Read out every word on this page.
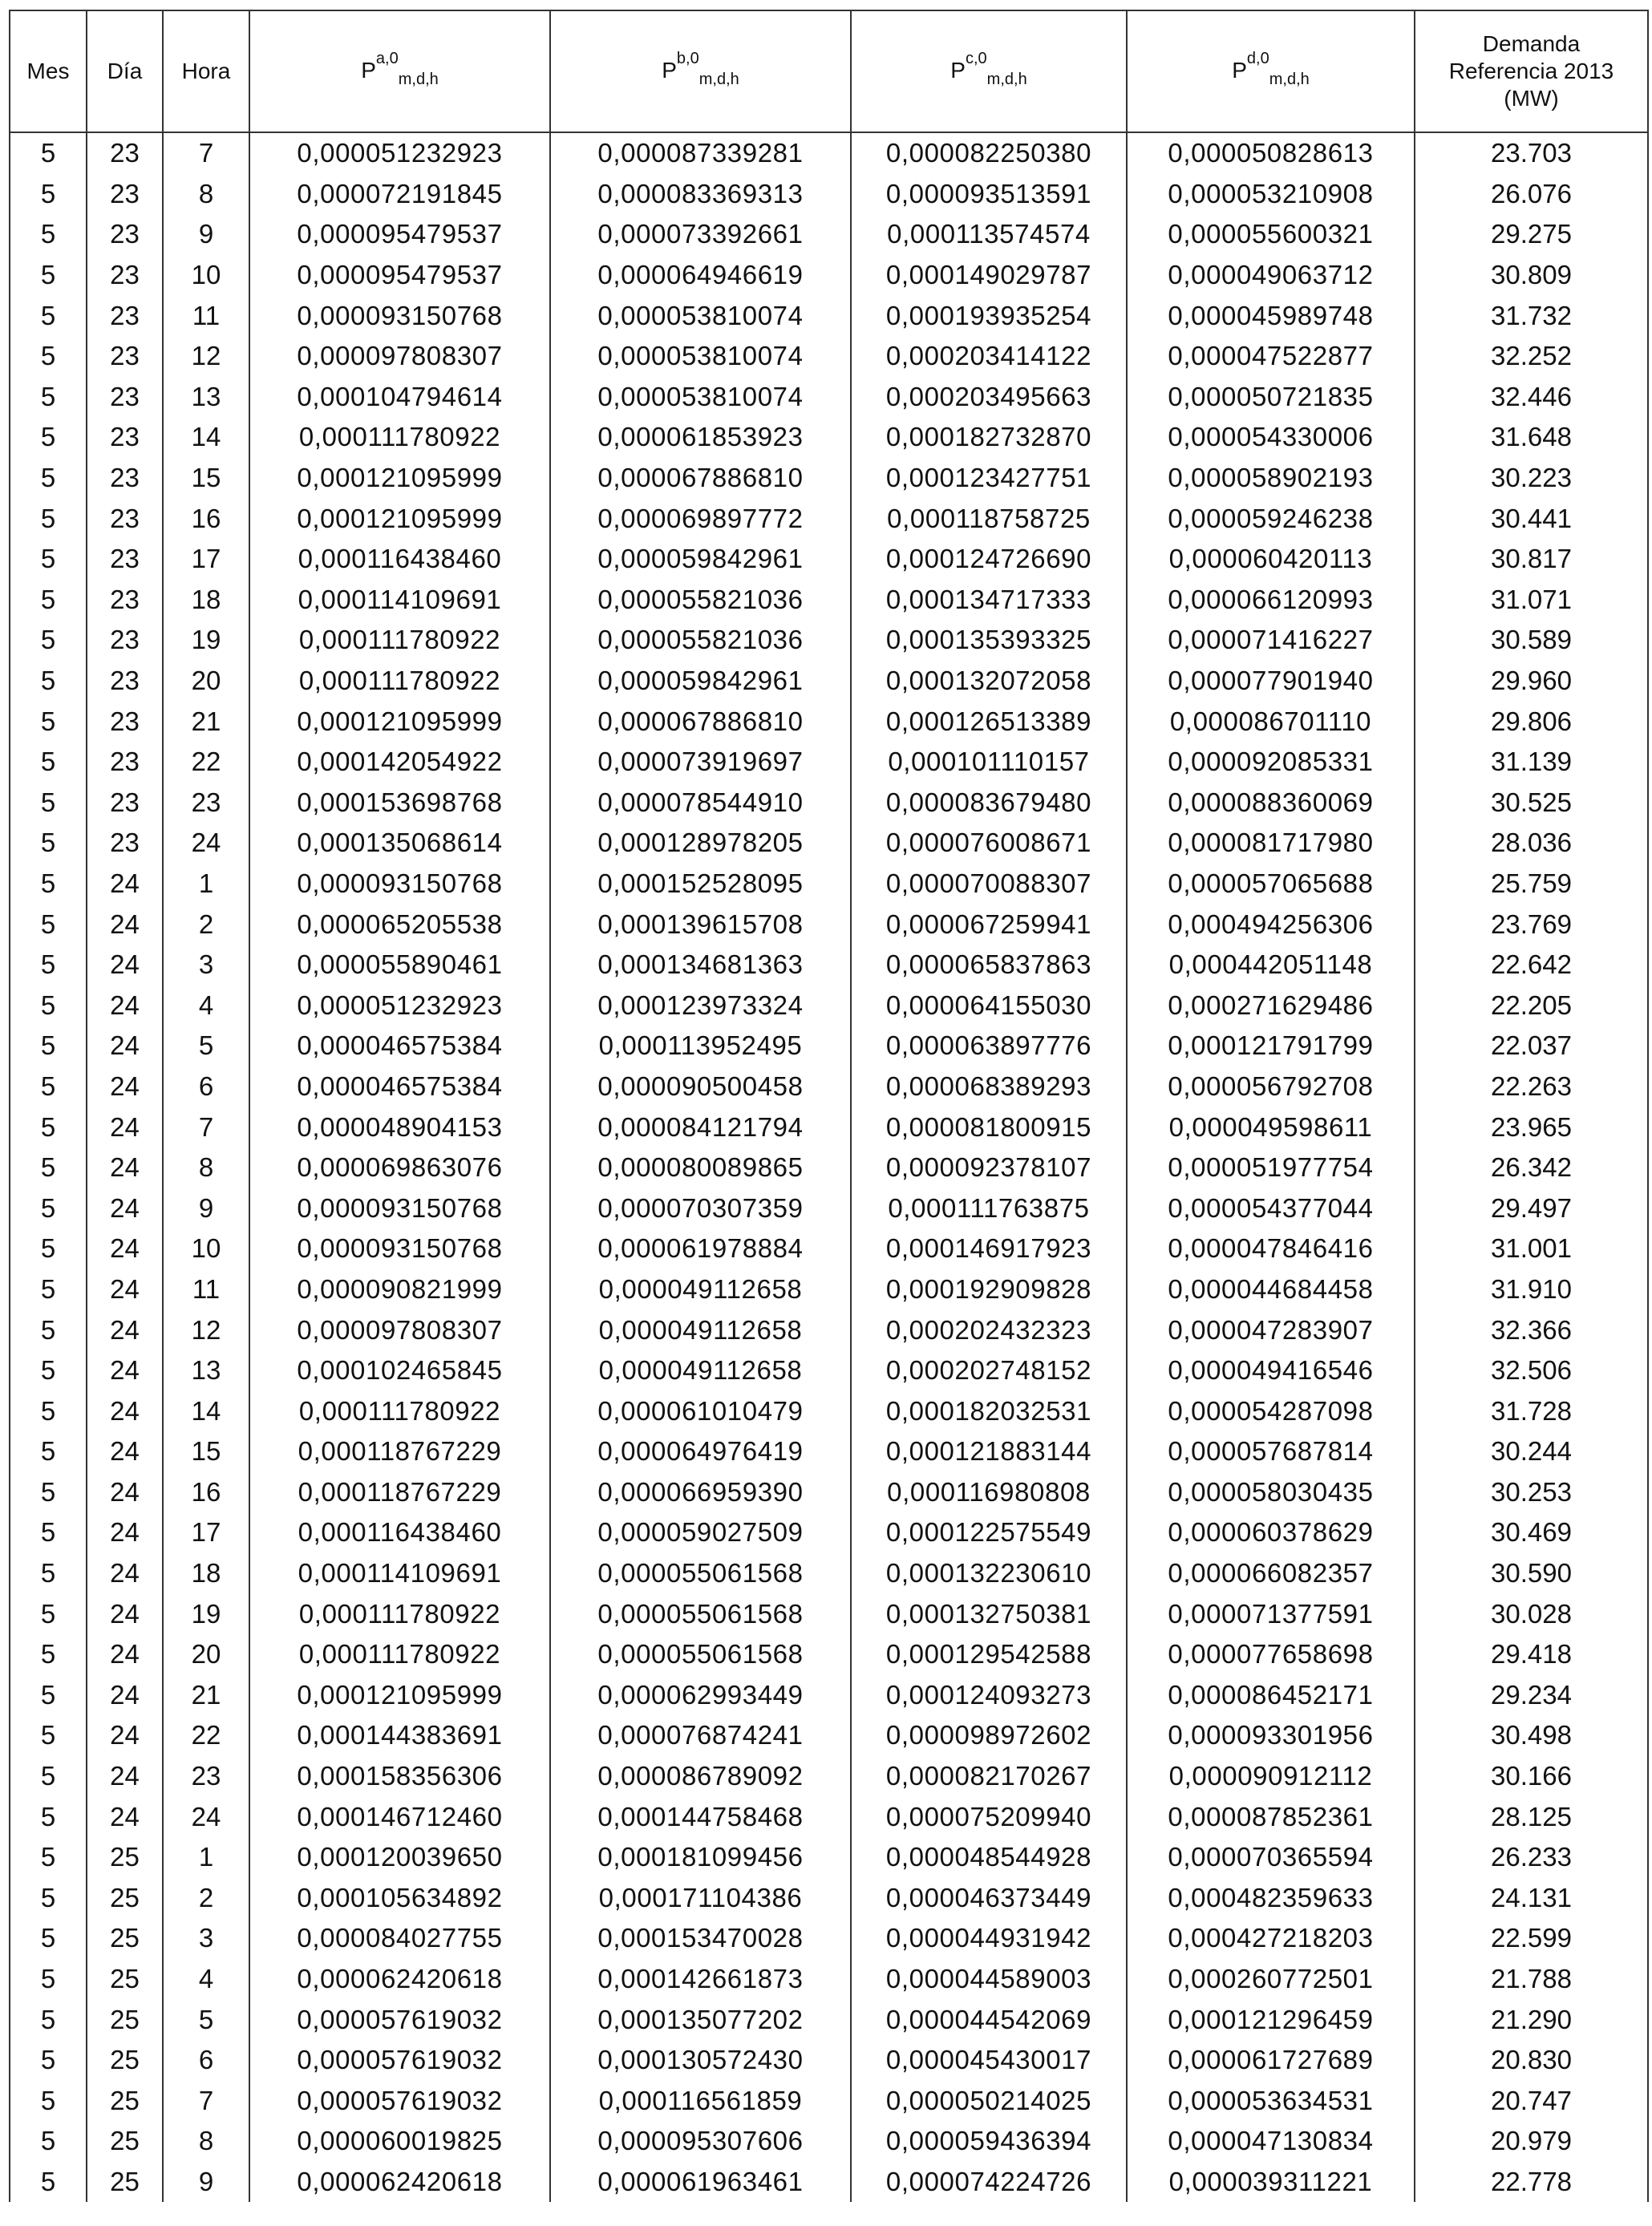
Mes	Día	Hora	P$^{a,0}_{m,d,h}$	P$^{b,0}_{m,d,h}$	P$^{c,0}_{m,d,h}$	P$^{d,0}_{m,d,h}$	Demanda
Referencia 2013
(MW)

5	23	7	0,000051232923	0,000087339281	0,000082250380	0,000050828613	23.703
5	23	8	0,000072191845	0,000083369313	0,000093513591	0,000053210908	26.076
5	23	9	0,000095479537	0,000073392661	0,000113574574	0,000055600321	29.275
5	23	10	0,000095479537	0,000064946619	0,000149029787	0,000049063712	30.809
5	23	11	0,000093150768	0,000053810074	0,000193935254	0,000045989748	31.732
5	23	12	0,000097808307	0,000053810074	0,000203414122	0,000047522877	32.252
5	23	13	0,000104794614	0,000053810074	0,000203495663	0,000050721835	32.446
5	23	14	0,000111780922	0,000061853923	0,000182732870	0,000054330006	31.648
5	23	15	0,000121095999	0,000067886810	0,000123427751	0,000058902193	30.223
5	23	16	0,000121095999	0,000069897772	0,000118758725	0,000059246238	30.441
5	23	17	0,000116438460	0,000059842961	0,000124726690	0,000060420113	30.817
5	23	18	0,000114109691	0,000055821036	0,000134717333	0,000066120993	31.071
5	23	19	0,000111780922	0,000055821036	0,000135393325	0,000071416227	30.589
5	23	20	0,000111780922	0,000059842961	0,000132072058	0,000077901940	29.960
5	23	21	0,000121095999	0,000067886810	0,000126513389	0,000086701110	29.806
5	23	22	0,000142054922	0,000073919697	0,000101110157	0,000092085331	31.139
5	23	23	0,000153698768	0,000078544910	0,000083679480	0,000088360069	30.525
5	23	24	0,000135068614	0,000128978205	0,000076008671	0,000081717980	28.036
5	24	1	0,000093150768	0,000152528095	0,000070088307	0,000057065688	25.759
5	24	2	0,000065205538	0,000139615708	0,000067259941	0,000494256306	23.769
5	24	3	0,000055890461	0,000134681363	0,000065837863	0,000442051148	22.642
5	24	4	0,000051232923	0,000123973324	0,000064155030	0,000271629486	22.205
5	24	5	0,000046575384	0,000113952495	0,000063897776	0,000121791799	22.037
5	24	6	0,000046575384	0,000090500458	0,000068389293	0,000056792708	22.263
5	24	7	0,000048904153	0,000084121794	0,000081800915	0,000049598611	23.965
5	24	8	0,000069863076	0,000080089865	0,000092378107	0,000051977754	26.342
5	24	9	0,000093150768	0,000070307359	0,000111763875	0,000054377044	29.497
5	24	10	0,000093150768	0,000061978884	0,000146917923	0,000047846416	31.001
5	24	11	0,000090821999	0,000049112658	0,000192909828	0,000044684458	31.910
5	24	12	0,000097808307	0,000049112658	0,000202432323	0,000047283907	32.366
5	24	13	0,000102465845	0,000049112658	0,000202748152	0,000049416546	32.506
5	24	14	0,000111780922	0,000061010479	0,000182032531	0,000054287098	31.728
5	24	15	0,000118767229	0,000064976419	0,000121883144	0,000057687814	30.244
5	24	16	0,000118767229	0,000066959390	0,000116980808	0,000058030435	30.253
5	24	17	0,000116438460	0,000059027509	0,000122575549	0,000060378629	30.469
5	24	18	0,000114109691	0,000055061568	0,000132230610	0,000066082357	30.590
5	24	19	0,000111780922	0,000055061568	0,000132750381	0,000071377591	30.028
5	24	20	0,000111780922	0,000055061568	0,000129542588	0,000077658698	29.418
5	24	21	0,000121095999	0,000062993449	0,000124093273	0,000086452171	29.234
5	24	22	0,000144383691	0,000076874241	0,000098972602	0,000093301956	30.498
5	24	23	0,000158356306	0,000086789092	0,000082170267	0,000090912112	30.166
5	24	24	0,000146712460	0,000144758468	0,000075209940	0,000087852361	28.125
5	25	1	0,000120039650	0,000181099456	0,000048544928	0,000070365594	26.233
5	25	2	0,000105634892	0,000171104386	0,000046373449	0,000482359633	24.131
5	25	3	0,000084027755	0,000153470028	0,000044931942	0,000427218203	22.599
5	25	4	0,000062420618	0,000142661873	0,000044589003	0,000260772501	21.788
5	25	5	0,000057619032	0,000135077202	0,000044542069	0,000121296459	21.290
5	25	6	0,000057619032	0,000130572430	0,000045430017	0,000061727689	20.830
5	25	7	0,000057619032	0,000116561859	0,000050214025	0,000053634531	20.747
5	25	8	0,000060019825	0,000095307606	0,000059436394	0,000047130834	20.979
5	25	9	0,000062420618	0,000061963461	0,000074224726	0,000039311221	22.778
